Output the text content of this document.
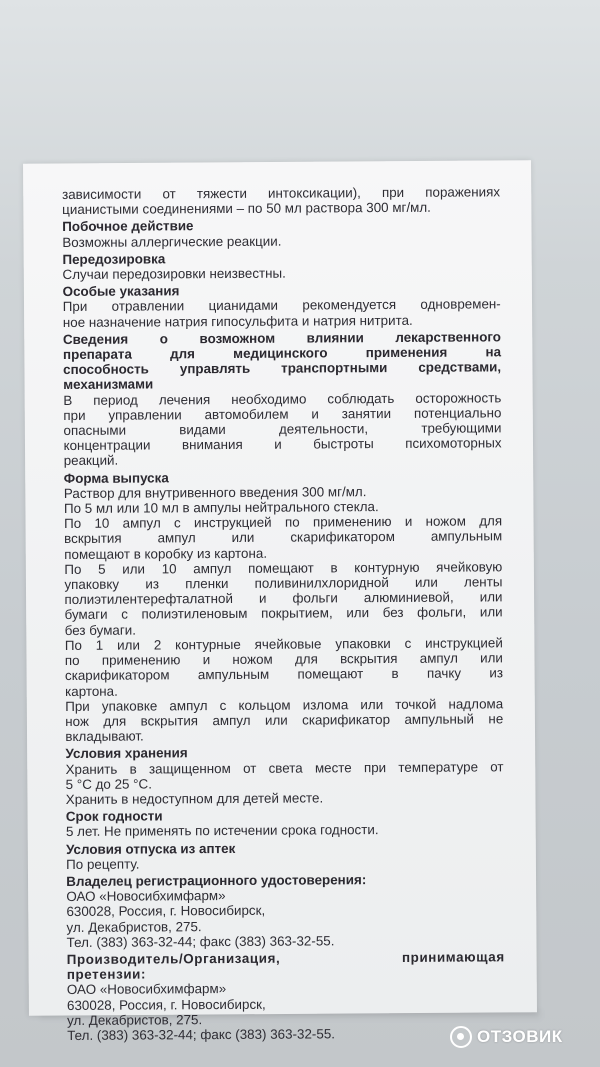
зависимости от тяжести интоксикации), при поражениях
цианистыми соединениями – по 50 мл раствора 300 мг/мл.
Побочное действие
Возможны аллергические реакции.
Передозировка
Случаи передозировки неизвестны.
Особые указания
При отравлении цианидами рекомендуется одновремен-
ное назначение натрия гипосульфита и натрия нитрита.
Сведения о возможном влиянии лекарственного
препарата для медицинского применения на
способность управлять транспортными средствами,
механизмами
В период лечения необходимо соблюдать осторожность
при управлении автомобилем и занятии потенциально
опасными видами деятельности, требующими
концентрации внимания и быстроты психомоторных
реакций.
Форма выпуска
Раствор для внутривенного введения 300 мг/мл.
По 5 мл или 10 мл в ампулы нейтрального стекла.
По 10 ампул с инструкцией по применению и ножом для
вскрытия ампул или скарификатором ампульным
помещают в коробку из картона.
По 5 или 10 ампул помещают в контурную ячейковую
упаковку из пленки поливинилхлоридной или ленты
полиэтилентерефталатной и фольги алюминиевой, или
бумаги с полиэтиленовым покрытием, или без фольги, или
без бумаги.
По 1 или 2 контурные ячейковые упаковки с инструкцией
по применению и ножом для вскрытия ампул или
скарификатором ампульным помещают в пачку из
картона.
При упаковке ампул с кольцом излома или точкой надлома
нож для вскрытия ампул или скарификатор ампульный не
вкладывают.
Условия хранения
Хранить в защищенном от света месте при температуре от
5 °С до 25 °С.
Хранить в недоступном для детей месте.
Срок годности
5 лет. Не применять по истечении срока годности.
Условия отпуска из аптек
По рецепту.
Владелец регистрационного удостоверения:
ОАО «Новосибхимфарм»
630028, Россия, г. Новосибирск,
ул. Декабристов, 275.
Тел. (383) 363-32-44; факс (383) 363-32-55.
Производитель/Организация, принимающая
претензии:
ОАО «Новосибхимфарм»
630028, Россия, г. Новосибирск,
ул. Декабристов, 275.
Тел. (383) 363-32-44; факс (383) 363-32-55.	ОТЗОВИК
